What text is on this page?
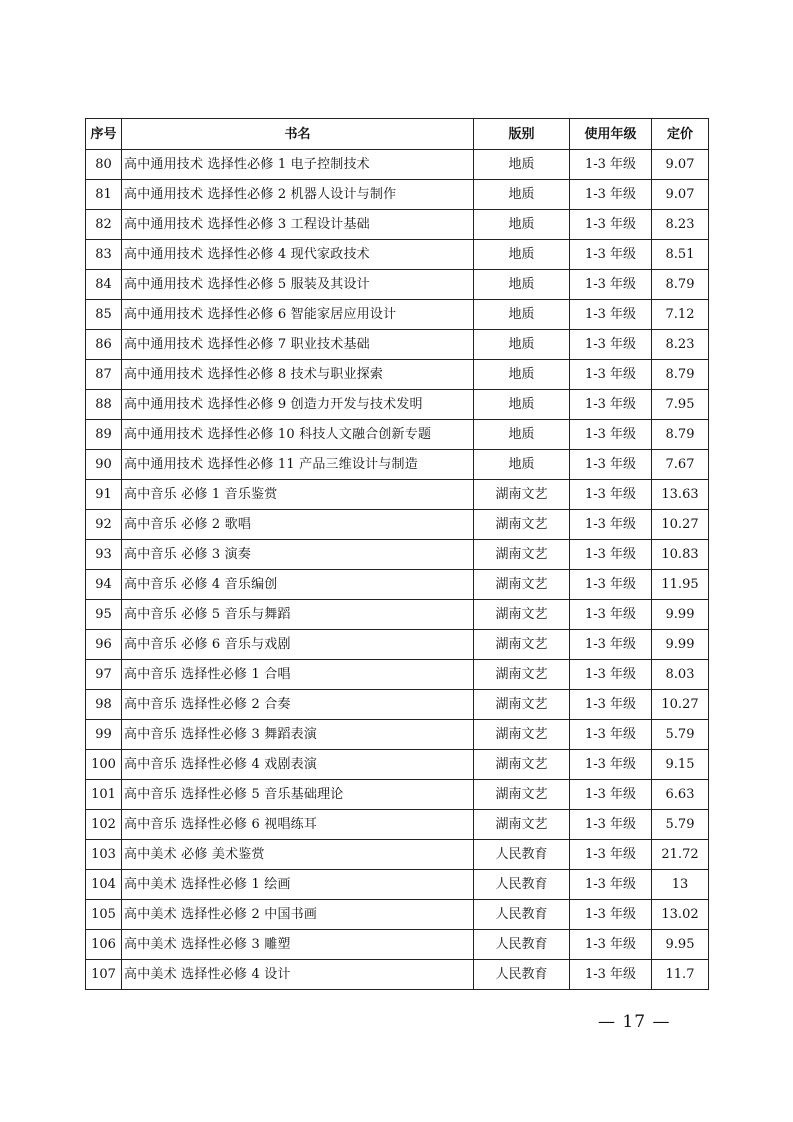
序号	书名	版别	使用年级	定价
80	高中通用技术 选择性必修 1 电子控制技术	地质	1-3 年级	9.07
81	高中通用技术 选择性必修 2 机器人设计与制作	地质	1-3 年级	9.07
82	高中通用技术 选择性必修 3 工程设计基础	地质	1-3 年级	8.23
83	高中通用技术 选择性必修 4 现代家政技术	地质	1-3 年级	8.51
84	高中通用技术 选择性必修 5 服装及其设计	地质	1-3 年级	8.79
85	高中通用技术 选择性必修 6 智能家居应用设计	地质	1-3 年级	7.12
86	高中通用技术 选择性必修 7 职业技术基础	地质	1-3 年级	8.23
87	高中通用技术 选择性必修 8 技术与职业探索	地质	1-3 年级	8.79
88	高中通用技术 选择性必修 9 创造力开发与技术发明	地质	1-3 年级	7.95
89	高中通用技术 选择性必修 10 科技人文融合创新专题	地质	1-3 年级	8.79
90	高中通用技术 选择性必修 11 产品三维设计与制造	地质	1-3 年级	7.67
91	高中音乐 必修 1 音乐鉴赏	湖南文艺	1-3 年级	13.63
92	高中音乐 必修 2 歌唱	湖南文艺	1-3 年级	10.27
93	高中音乐 必修 3 演奏	湖南文艺	1-3 年级	10.83
94	高中音乐 必修 4 音乐编创	湖南文艺	1-3 年级	11.95
95	高中音乐 必修 5 音乐与舞蹈	湖南文艺	1-3 年级	9.99
96	高中音乐 必修 6 音乐与戏剧	湖南文艺	1-3 年级	9.99
97	高中音乐 选择性必修 1 合唱	湖南文艺	1-3 年级	8.03
98	高中音乐 选择性必修 2 合奏	湖南文艺	1-3 年级	10.27
99	高中音乐 选择性必修 3 舞蹈表演	湖南文艺	1-3 年级	5.79
100	高中音乐 选择性必修 4 戏剧表演	湖南文艺	1-3 年级	9.15
101	高中音乐 选择性必修 5 音乐基础理论	湖南文艺	1-3 年级	6.63
102	高中音乐 选择性必修 6 视唱练耳	湖南文艺	1-3 年级	5.79
103	高中美术 必修 美术鉴赏	人民教育	1-3 年级	21.72
104	高中美术 选择性必修 1 绘画	人民教育	1-3 年级	13
105	高中美术 选择性必修 2 中国书画	人民教育	1-3 年级	13.02
106	高中美术 选择性必修 3 雕塑	人民教育	1-3 年级	9.95
107	高中美术 选择性必修 4 设计	人民教育	1-3 年级	11.7
— 17 —
